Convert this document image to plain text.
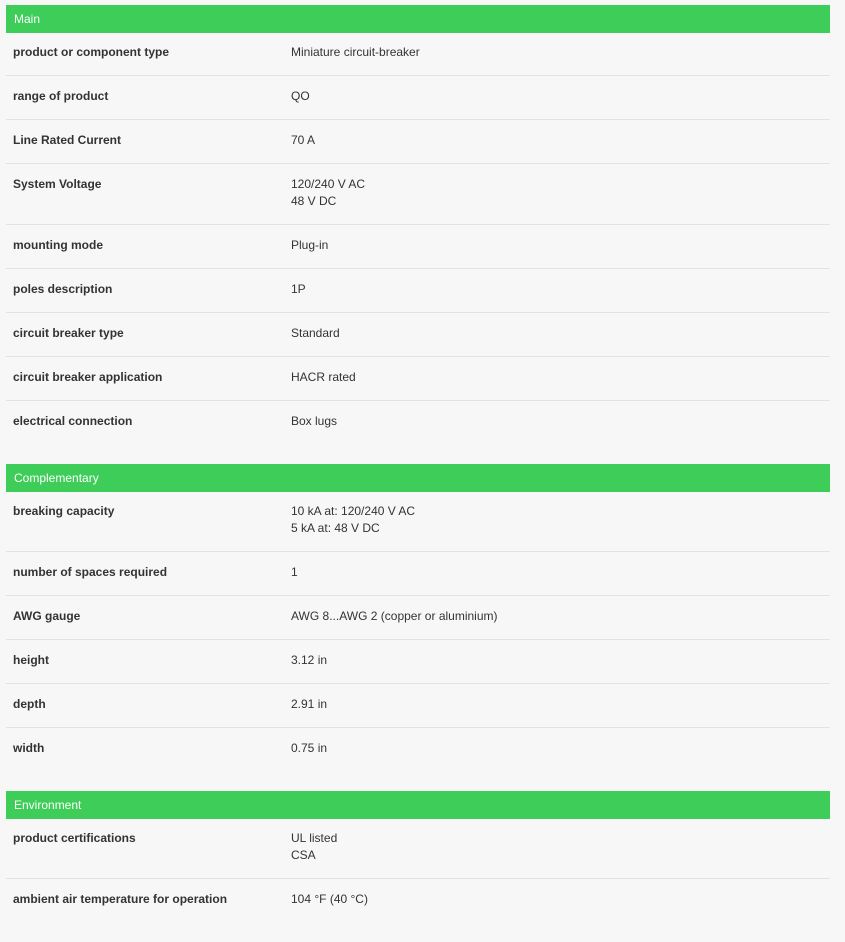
Main
product or component type	Miniature circuit-breaker
range of product	QO
Line Rated Current	70 A
System Voltage	120/240 V AC
48 V DC
mounting mode	Plug-in
poles description	1P
circuit breaker type	Standard
circuit breaker application	HACR rated
electrical connection	Box lugs
Complementary
breaking capacity	10 kA at: 120/240 V AC
5 kA at: 48 V DC
number of spaces required	1
AWG gauge	AWG 8...AWG 2 (copper or aluminium)
height	3.12 in
depth	2.91 in
width	0.75 in
Environment
product certifications	UL listed
CSA
ambient air temperature for operation	104 °F (40 °C)
